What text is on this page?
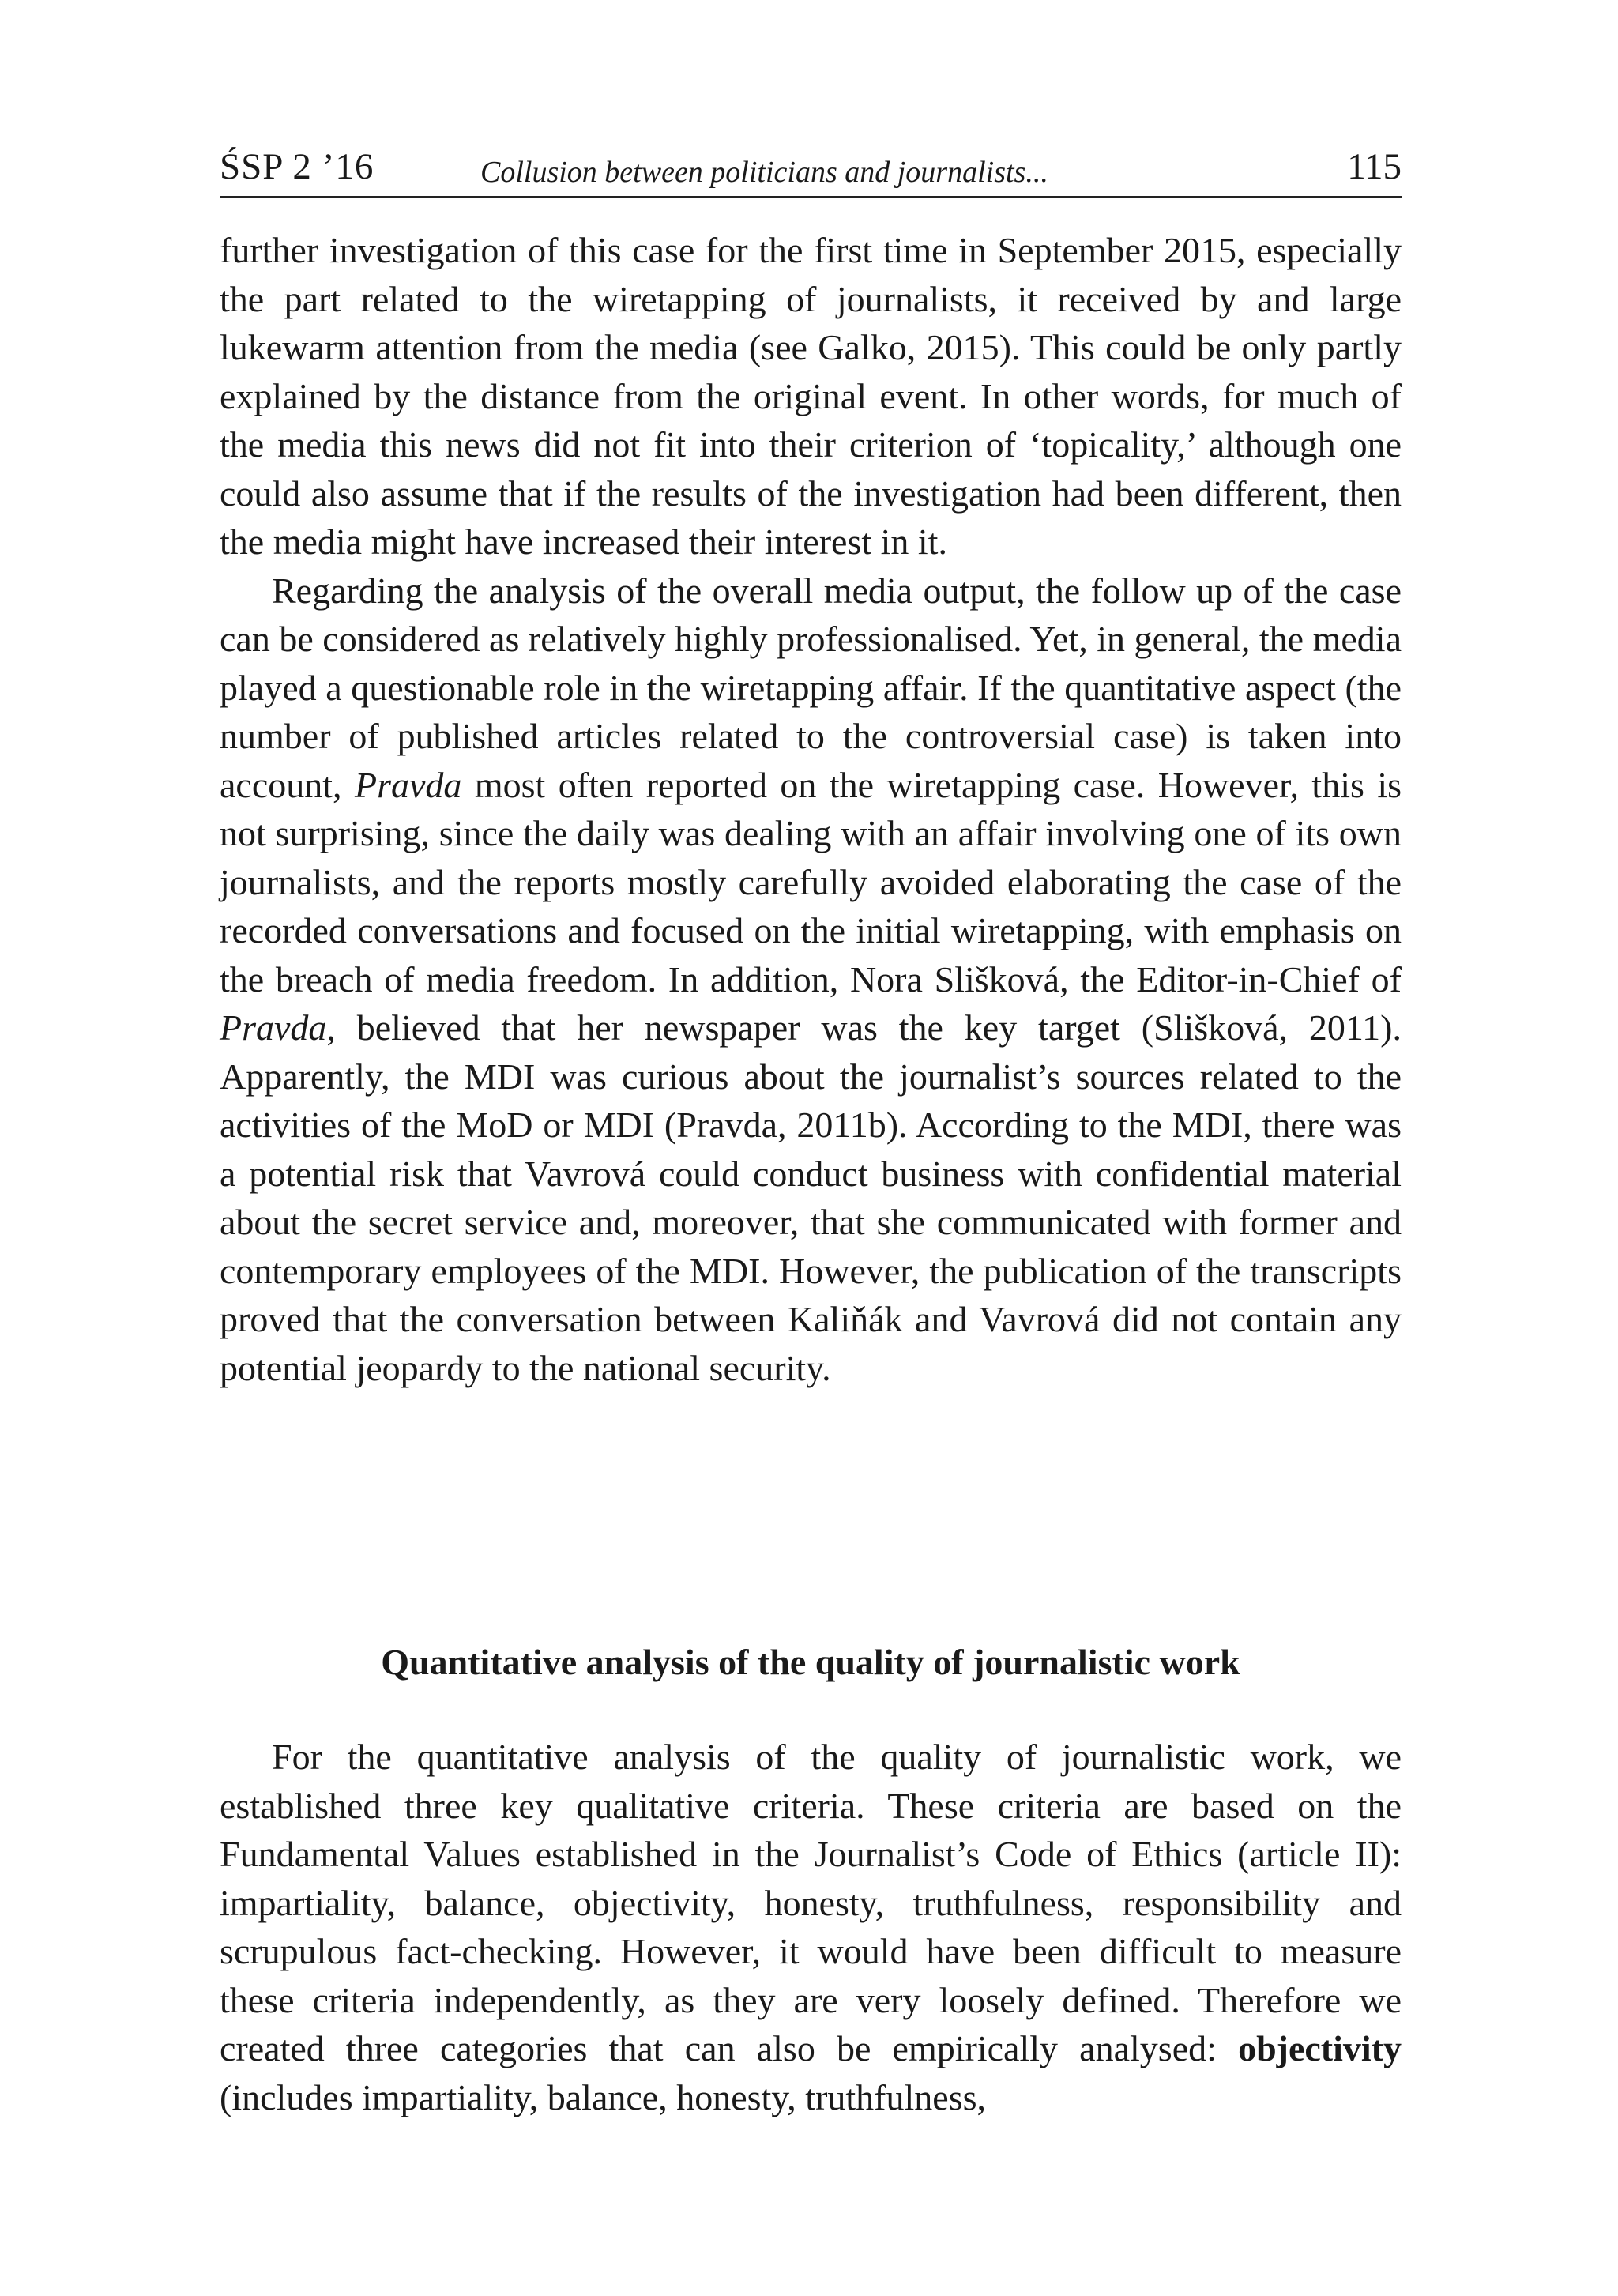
ŚSP 2 ’16	Collusion between politicians and journalists...	115

further investigation of this case for the first time in September 2015, especially the part related to the wiretapping of journalists, it received by and large lukewarm attention from the media (see Galko, 2015). This could be only partly explained by the distance from the original event. In other words, for much of the media this news did not fit into their criterion of ‘topicality,’ although one could also assume that if the results of the investigation had been different, then the media might have increased their interest in it.

Regarding the analysis of the overall media output, the follow up of the case can be considered as relatively highly professionalised. Yet, in general, the media played a questionable role in the wiretapping affair. If the quantitative aspect (the number of published articles related to the controversial case) is taken into account, Pravda most often reported on the wiretapping case. However, this is not surprising, since the daily was dealing with an affair involving one of its own journalists, and the reports mostly carefully avoided elaborating the case of the recorded conversations and focused on the initial wiretapping, with emphasis on the breach of media freedom. In addition, Nora Slišková, the Editor-in-Chief of Pravda, believed that her newspaper was the key target (Slišková, 2011). Apparently, the MDI was curious about the journalist’s sources related to the activities of the MoD or MDI (Pravda, 2011b). According to the MDI, there was a potential risk that Vavrová could conduct business with confidential material about the secret service and, moreover, that she communicated with former and contemporary employees of the MDI. However, the publication of the transcripts proved that the conversation between Kaliňák and Vavrová did not contain any potential jeopardy to the national security.

Quantitative analysis of the quality of journalistic work

For the quantitative analysis of the quality of journalistic work, we established three key qualitative criteria. These criteria are based on the Fundamental Values established in the Journalist’s Code of Ethics (article II): impartiality, balance, objectivity, honesty, truthfulness, responsibility and scrupulous fact-checking. However, it would have been difficult to measure these criteria independently, as they are very loosely defined. Therefore we created three categories that can also be empirically analysed: objectivity (includes impartiality, balance, honesty, truthfulness,
